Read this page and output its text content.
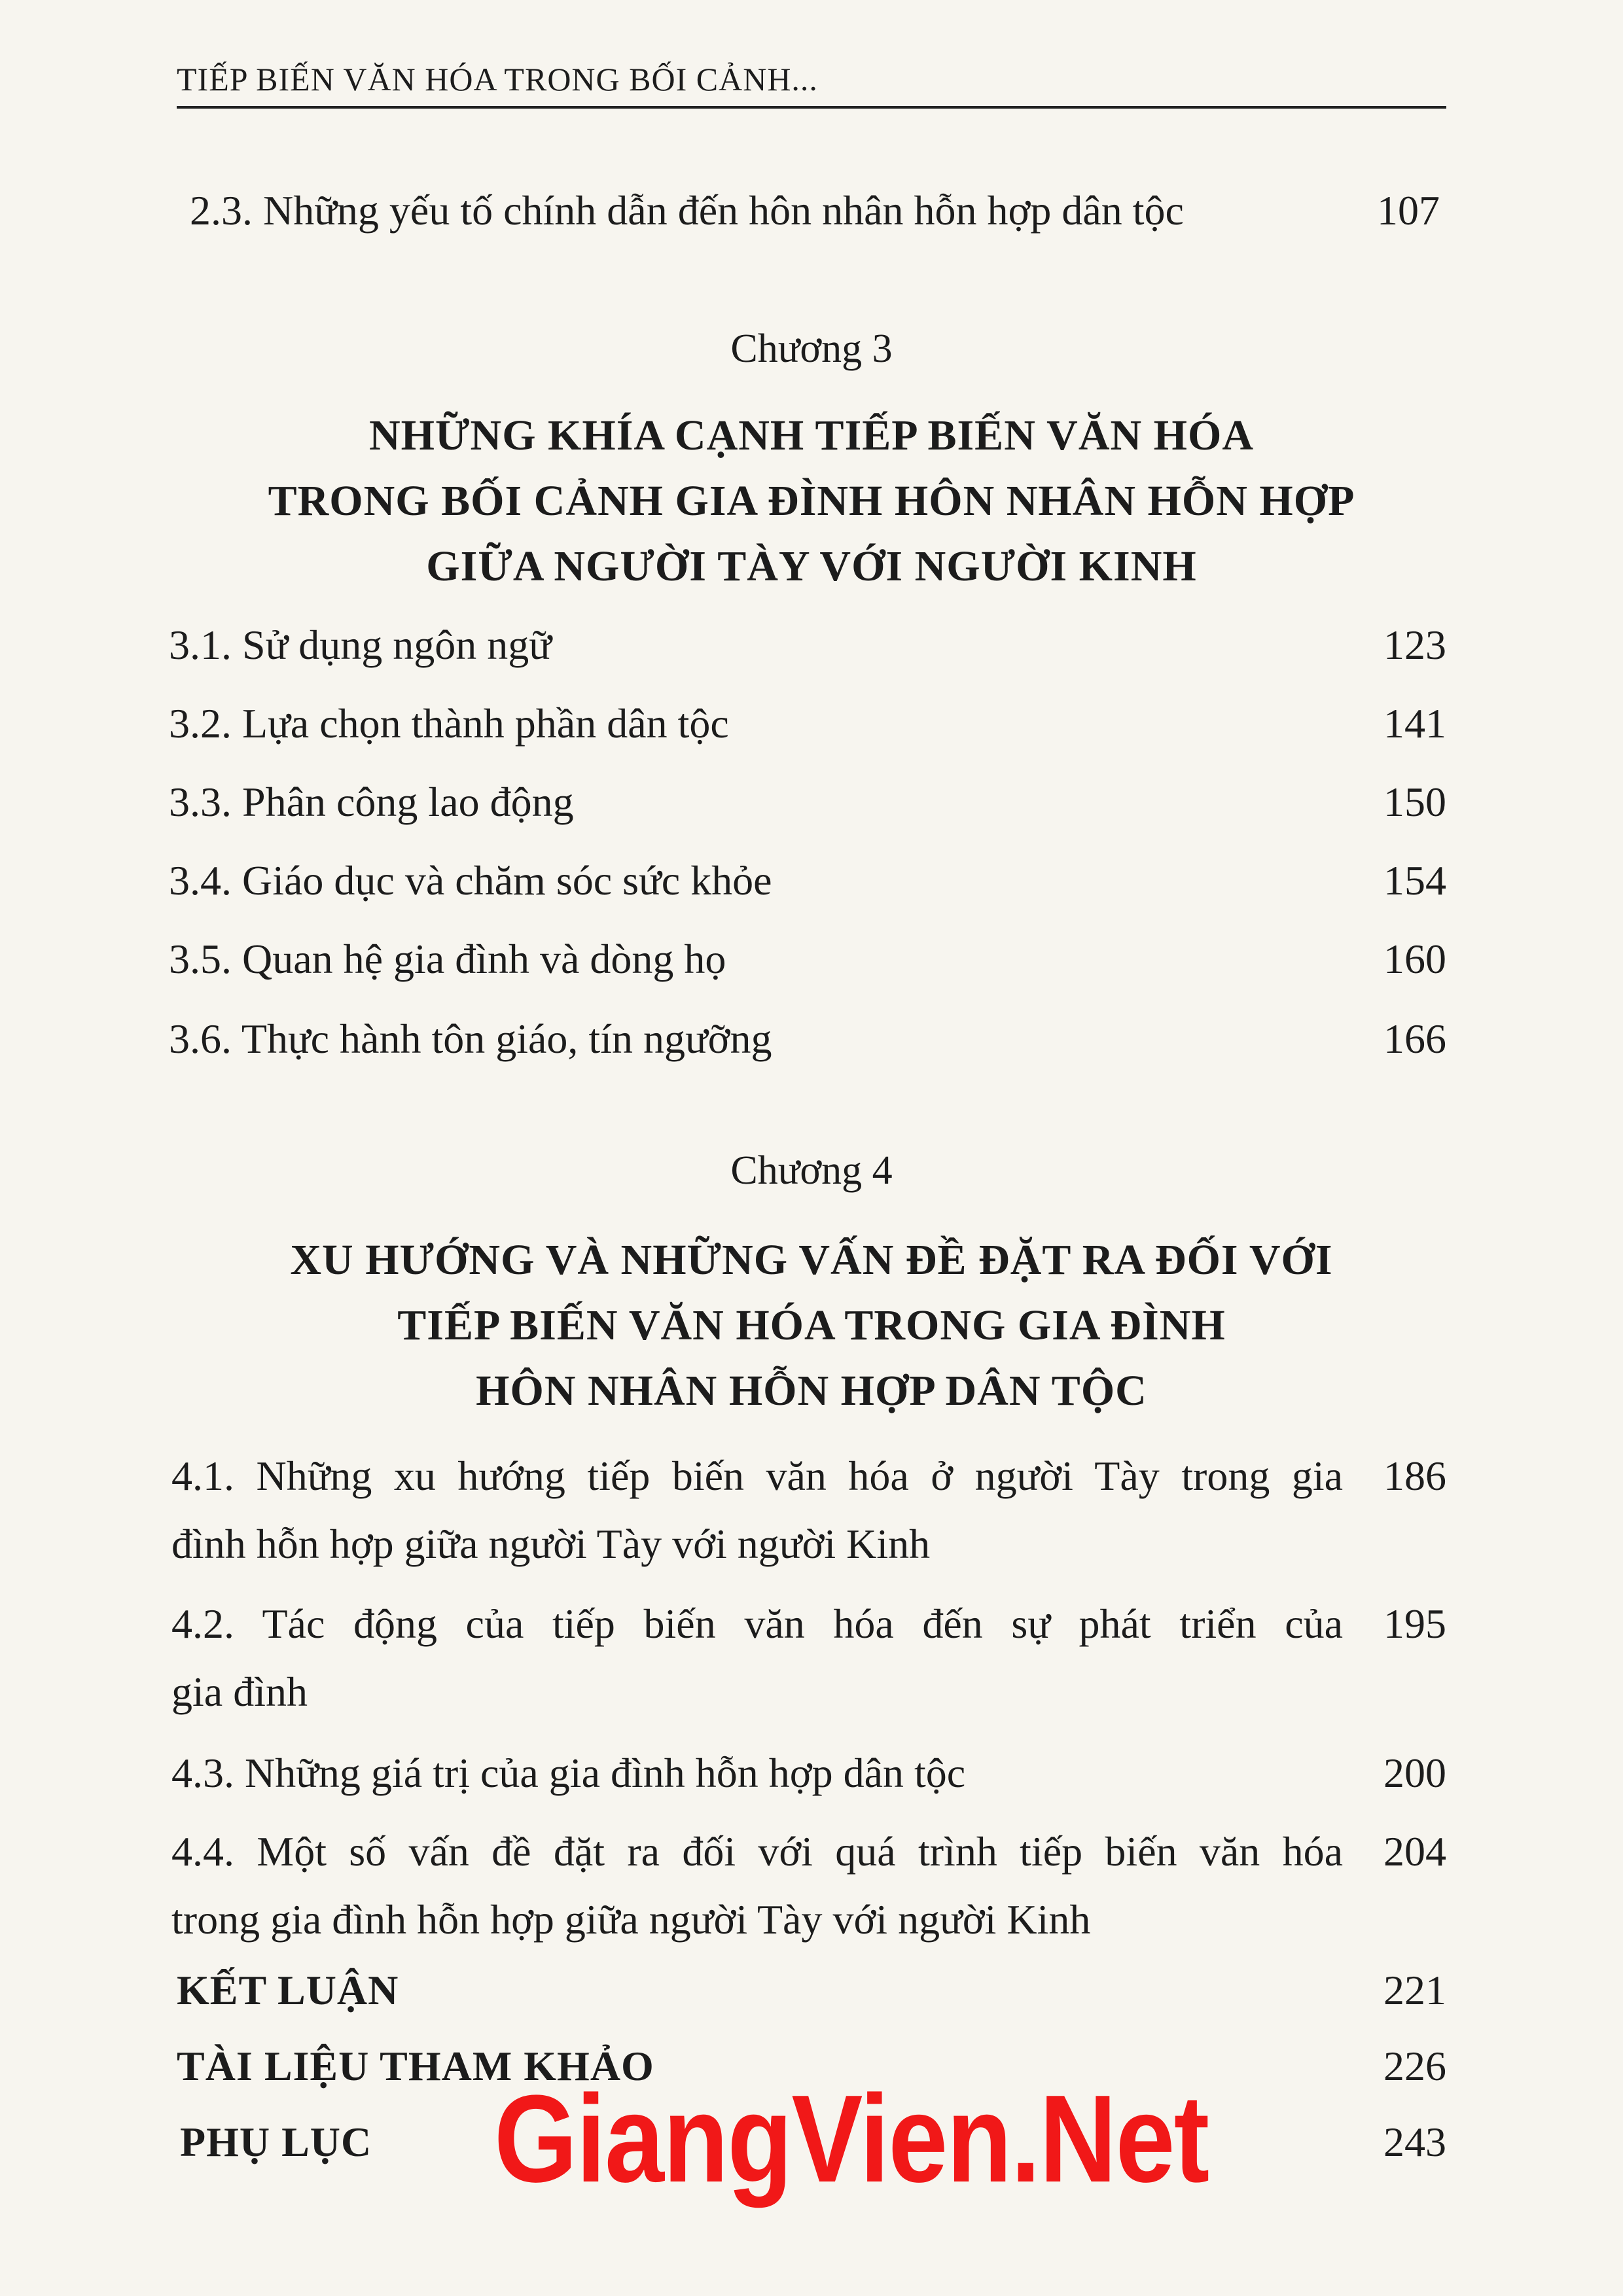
TIẾP BIẾN VĂN HÓA TRONG BỐI CẢNH...
2.3. Những yếu tố chính dẫn đến hôn nhân hỗn hợp dân tộc	107
Chương 3
NHỮNG KHÍA CẠNH TIẾP BIẾN VĂN HÓA
TRONG BỐI CẢNH GIA ĐÌNH HÔN NHÂN HỖN HỢP
GIỮA NGƯỜI TÀY VỚI NGƯỜI KINH
3.1. Sử dụng ngôn ngữ	123
3.2. Lựa chọn thành phần dân tộc	141
3.3. Phân công lao động	150
3.4. Giáo dục và chăm sóc sức khỏe	154
3.5. Quan hệ gia đình và dòng họ	160
3.6. Thực hành tôn giáo, tín ngưỡng	166
Chương 4
XU HƯỚNG VÀ NHỮNG VẤN ĐỀ ĐẶT RA ĐỐI VỚI
TIẾP BIẾN VĂN HÓA TRONG GIA ĐÌNH
HÔN NHÂN HỖN HỢP DÂN TỘC
4.1. Những xu hướng tiếp biến văn hóa ở người Tày trong gia 186
đình hỗn hợp giữa người Tày với người Kinh
4.2. Tác động của tiếp biến văn hóa đến sự phát triển của 195
gia đình
4.3. Những giá trị của gia đình hỗn hợp dân tộc	200
4.4. Một số vấn đề đặt ra đối với quá trình tiếp biến văn hóa 204
trong gia đình hỗn hợp giữa người Tày với người Kinh
KẾT LUẬN	221
TÀI LIỆU THAM KHẢO	226
PHỤ LỤC	243
GiangVien.Net
